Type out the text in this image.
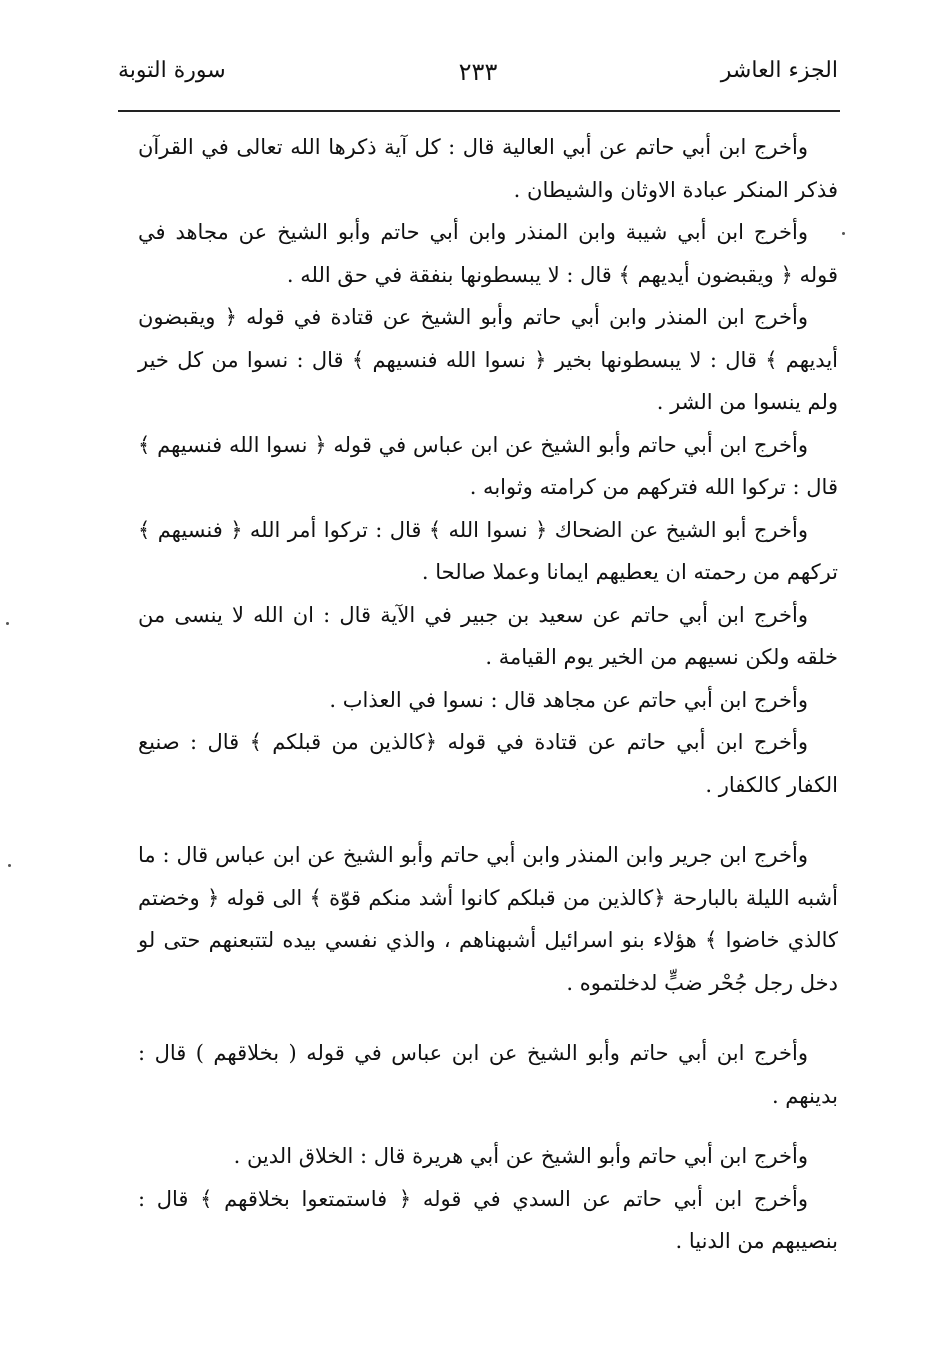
الجزء العاشر
٢٣٣
سورة التوبة

وأخرج ابن أبي حاتم عن أبي العالية قال : كل آية ذكرها الله تعالى في القرآن فذكر المنكر عبادة الاوثان والشيطان .

وأخرج ابن أبي شيبة وابن المنذر وابن أبي حاتم وأبو الشيخ عن مجاهد في قوله ﴿ ويقبضون أيديهم ﴾ قال : لا يبسطونها بنفقة في حق الله .

وأخرج ابن المنذر وابن أبي حاتم وأبو الشيخ عن قتادة في قوله ﴿ ويقبضون أيديهم ﴾ قال : لا يبسطونها بخير ﴿ نسوا الله فنسيهم ﴾ قال : نسوا من كل خير ولم ينسوا من الشر .

وأخرج ابن أبي حاتم وأبو الشيخ عن ابن عباس في قوله ﴿ نسوا الله فنسيهم ﴾ قال : تركوا الله فتركهم من كرامته وثوابه .

وأخرج أبو الشيخ عن الضحاك ﴿ نسوا الله ﴾ قال : تركوا أمر الله ﴿ فنسيهم ﴾ تركهم من رحمته ان يعطيهم ايمانا وعملا صالحا .

وأخرج ابن أبي حاتم عن سعيد بن جبير في الآية قال : ان الله لا ينسى من خلقه ولكن نسيهم من الخير يوم القيامة .

وأخرج ابن أبي حاتم عن مجاهد قال : نسوا في العذاب .

وأخرج ابن أبي حاتم عن قتادة في قوله ﴿كالذين من قبلكم ﴾ قال : صنيع الكفار كالكفار .

وأخرج ابن جرير وابن المنذر وابن أبي حاتم وأبو الشيخ عن ابن عباس قال : ما أشبه الليلة بالبارحة ﴿كالذين من قبلكم كانوا أشد منكم قوّة ﴾ الى قوله ﴿ وخضتم كالذي خاضوا ﴾ هؤلاء بنو اسرائيل أشبهناهم ، والذي نفسي بيده لتتبعنهم حتى لو دخل رجل جُحْر ضبٍّ لدخلتموه .

وأخرج ابن أبي حاتم وأبو الشيخ عن ابن عباس في قوله ( بخلاقهم ) قال : بدينهم .

وأخرج ابن أبي حاتم وأبو الشيخ عن أبي هريرة قال : الخلاق الدين .

وأخرج ابن أبي حاتم عن السدي في قوله ﴿ فاستمتعوا بخلاقهم ﴾ قال : بنصيبهم من الدنيا .
